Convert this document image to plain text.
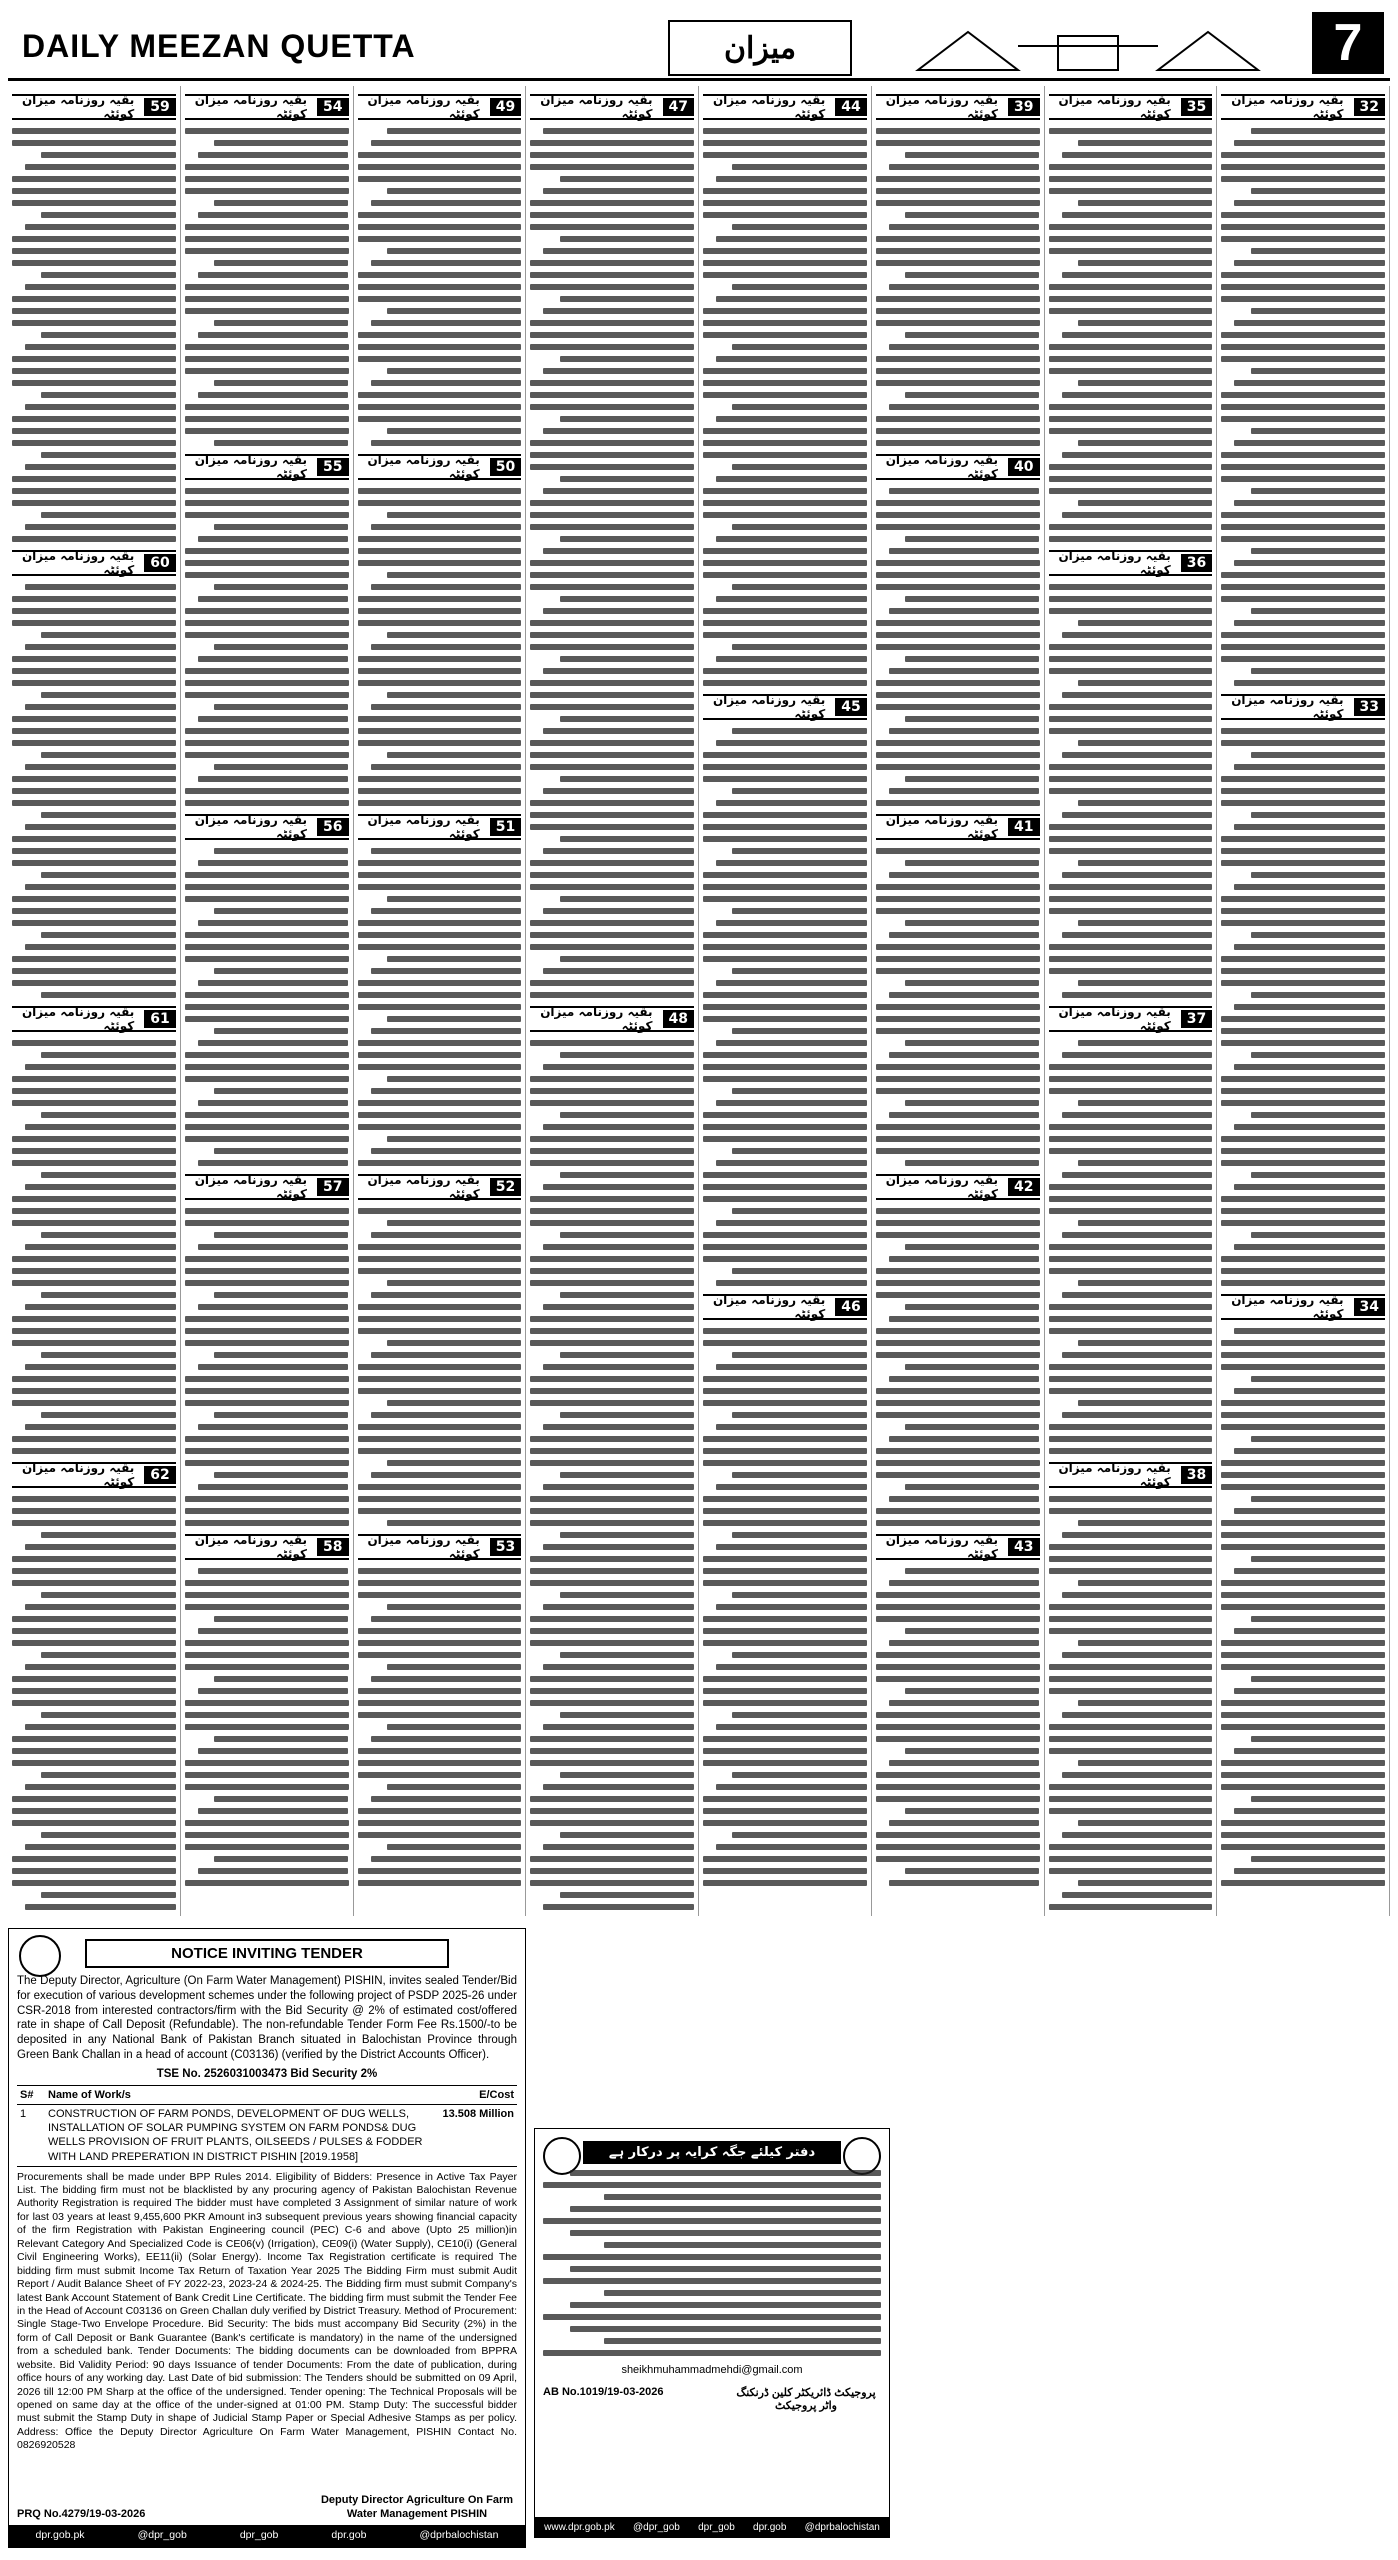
DAILY MEEZAN QUETTA	میزان	7
32
بقیہ روزنامہ میزان کوئٹہ
33
بقیہ روزنامہ میزان کوئٹہ
34
بقیہ روزنامہ میزان کوئٹہ
35
بقیہ روزنامہ میزان کوئٹہ
36
بقیہ روزنامہ میزان کوئٹہ
37
بقیہ روزنامہ میزان کوئٹہ
38
بقیہ روزنامہ میزان کوئٹہ
39
بقیہ روزنامہ میزان کوئٹہ
40
بقیہ روزنامہ میزان کوئٹہ
41
بقیہ روزنامہ میزان کوئٹہ
42
بقیہ روزنامہ میزان کوئٹہ
43
بقیہ روزنامہ میزان کوئٹہ
44
بقیہ روزنامہ میزان کوئٹہ
45
بقیہ روزنامہ میزان کوئٹہ
46
بقیہ روزنامہ میزان کوئٹہ
47
بقیہ روزنامہ میزان کوئٹہ
48
بقیہ روزنامہ میزان کوئٹہ
49
بقیہ روزنامہ میزان کوئٹہ
50
بقیہ روزنامہ میزان کوئٹہ
51
بقیہ روزنامہ میزان کوئٹہ
52
بقیہ روزنامہ میزان کوئٹہ
53
بقیہ روزنامہ میزان کوئٹہ
54
بقیہ روزنامہ میزان کوئٹہ
55
بقیہ روزنامہ میزان کوئٹہ
56
بقیہ روزنامہ میزان کوئٹہ
57
بقیہ روزنامہ میزان کوئٹہ
58
بقیہ روزنامہ میزان کوئٹہ
59
بقیہ روزنامہ میزان کوئٹہ
60
بقیہ روزنامہ میزان کوئٹہ
61
بقیہ روزنامہ میزان کوئٹہ
62
بقیہ روزنامہ میزان کوئٹہ
NOTICE INVITING TENDER

The Deputy Director, Agriculture (On Farm Water Management) PISHIN, invites sealed Tender/Bid for execution of various development schemes under the following project of PSDP 2025-26 under CSR-2018 from interested contractors/firm with the Bid Security @ 2% of estimated cost/offered rate in shape of Call Deposit (Refundable). The non-refundable Tender Form Fee Rs.1500/-to be deposited in any National Bank of Pakistan Branch situated in Balochistan Province through Green Bank Challan in a head of account (C03136) (verified by the District Accounts Officer).

TSE No. 2526031003473 Bid Security 2%

S#	Name of Work/s	E/Cost
1	CONSTRUCTION OF FARM PONDS, DEVELOPMENT OF DUG WELLS, INSTALLATION OF SOLAR PUMPING SYSTEM ON FARM PONDS& DUG WELLS PROVISION OF FRUIT PLANTS, OILSEEDS / PULSES & FODDER WITH LAND PREPERATION IN DISTRICT PISHIN [2019.1958]	13.508 Million

Procurements shall be made under BPP Rules 2014. Eligibility of Bidders: Presence in Active Tax Payer List. The bidding firm must not be blacklisted by any procuring agency of Pakistan Balochistan Revenue Authority Registration is required The bidder must have completed 3 Assignment of similar nature of work for last 03 years at least 9,455,600 PKR Amount in3 subsequent previous years showing financial capacity of the firm Registration with Pakistan Engineering council (PEC) C-6 and above (Upto 25 million)in Relevant Category And Specialized Code is CE06(v) (Irrigation), CE09(i) (Water Supply), CE10(i) (General Civil Engineering Works), EE11(ii) (Solar Energy). Income Tax Registration certificate is required The bidding firm must submit Income Tax Return of Taxation Year 2025 The Bidding Firm must submit Audit Report / Audit Balance Sheet of FY 2022-23, 2023-24 & 2024-25. The Bidding firm must submit Company's latest Bank Account Statement of Bank Credit Line Certificate. The bidding firm must submit the Tender Fee in the Head of Account C03136 on Green Challan duly verified by District Treasury. Method of Procurement: Single Stage-Two Envelope Procedure. Bid Security: The bids must accompany Bid Security (2%) in the form of Call Deposit or Bank Guarantee (Bank's certificate is mandatory) in the name of the undersigned from a scheduled bank. Tender Documents: The bidding documents can be downloaded from BPPRA website. Bid Validity Period: 90 days Issuance of tender Documents: From the date of publication, during office hours of any working day. Last Date of bid submission: The Tenders should be submitted on 09 April, 2026 till 12:00 PM Sharp at the office of the undersigned. Tender opening: The Technical Proposals will be opened on same day at the office of the under-signed at 01:00 PM. Stamp Duty: The successful bidder must submit the Stamp Duty in shape of Judicial Stamp Paper or Special Adhesive Stamps as per policy. Address: Office the Deputy Director Agriculture On Farm Water Management, PISHIN Contact No. 0826920528

PRQ No.4279/19-03-2026
Deputy Director Agriculture On Farm Water Management PISHIN
dpr.gob.pk	@dpr_gob	dpr_gob	dpr.gob	@dprbalochistan
دفتر کیلئے جگہ کرایہ پر درکار ہے
sheikhmuhammadmehdi@gmail.com
AB No.1019/19-03-2026	پروجیکٹ ڈائریکٹر کلین ڈرنکنگ واٹر پروجیکٹ
www.dpr.gob.pk @dpr_gob dpr_gob dpr.gob @dprbalochistan
